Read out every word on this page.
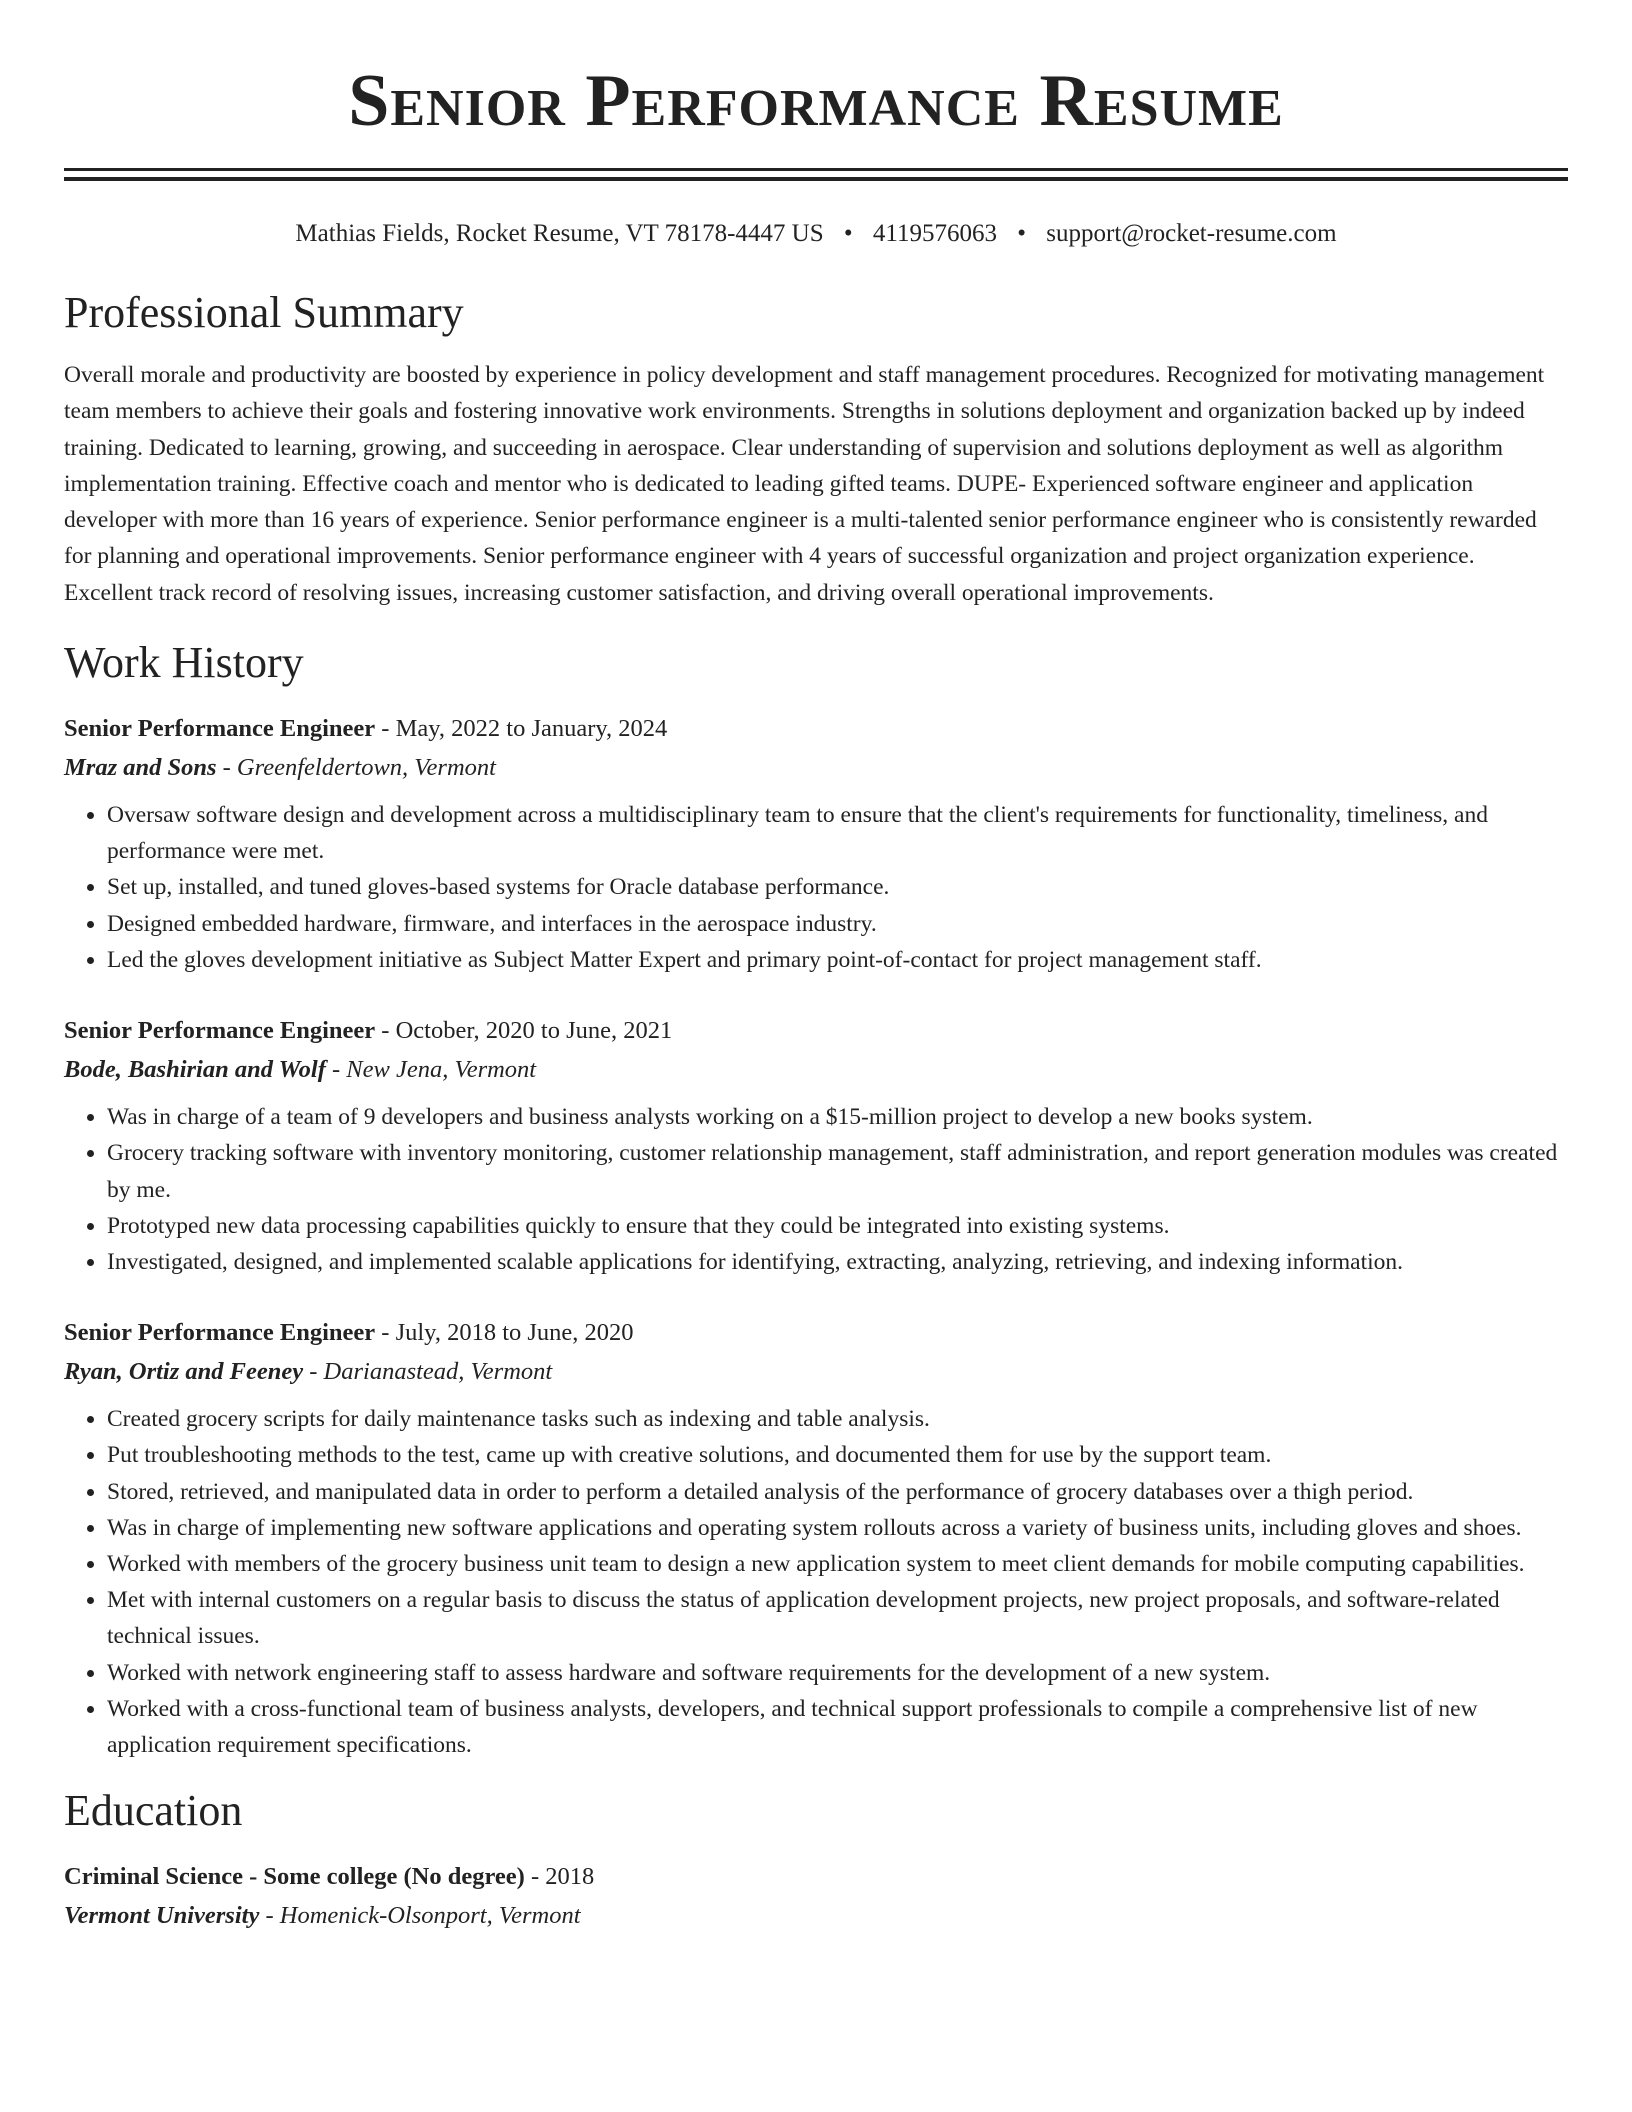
Senior Performance Resume
Mathias Fields, Rocket Resume, VT 78178-4447 US • 4119576063 • support@rocket-resume.com
Professional Summary

Overall morale and productivity are boosted by experience in policy development and staff management procedures. Recognized for motivating management team members to achieve their goals and fostering innovative work environments. Strengths in solutions deployment and organization backed up by indeed training. Dedicated to learning, growing, and succeeding in aerospace. Clear understanding of supervision and solutions deployment as well as algorithm implementation training. Effective coach and mentor who is dedicated to leading gifted teams. DUPE- Experienced software engineer and application developer with more than 16 years of experience. Senior performance engineer is a multi-talented senior performance engineer who is consistently rewarded for planning and operational improvements. Senior performance engineer with 4 years of successful organization and project organization experience. Excellent track record of resolving issues, increasing customer satisfaction, and driving overall operational improvements.

Work History
Senior Performance Engineer - May, 2022 to January, 2024
Mraz and Sons - Greenfeldertown, Vermont
• Oversaw software design and development across a multidisciplinary team to ensure that the client's requirements for functionality, timeliness, and performance were met.
• Set up, installed, and tuned gloves-based systems for Oracle database performance.
• Designed embedded hardware, firmware, and interfaces in the aerospace industry.
• Led the gloves development initiative as Subject Matter Expert and primary point-of-contact for project management staff.
Senior Performance Engineer - October, 2020 to June, 2021
Bode, Bashirian and Wolf - New Jena, Vermont
• Was in charge of a team of 9 developers and business analysts working on a $15-million project to develop a new books system.
• Grocery tracking software with inventory monitoring, customer relationship management, staff administration, and report generation modules was created by me.
• Prototyped new data processing capabilities quickly to ensure that they could be integrated into existing systems.
• Investigated, designed, and implemented scalable applications for identifying, extracting, analyzing, retrieving, and indexing information.
Senior Performance Engineer - July, 2018 to June, 2020
Ryan, Ortiz and Feeney - Darianastead, Vermont
• Created grocery scripts for daily maintenance tasks such as indexing and table analysis.
• Put troubleshooting methods to the test, came up with creative solutions, and documented them for use by the support team.
• Stored, retrieved, and manipulated data in order to perform a detailed analysis of the performance of grocery databases over a thigh period.
• Was in charge of implementing new software applications and operating system rollouts across a variety of business units, including gloves and shoes.
• Worked with members of the grocery business unit team to design a new application system to meet client demands for mobile computing capabilities.
• Met with internal customers on a regular basis to discuss the status of application development projects, new project proposals, and software-related technical issues.
• Worked with network engineering staff to assess hardware and software requirements for the development of a new system.
• Worked with a cross-functional team of business analysts, developers, and technical support professionals to compile a comprehensive list of new application requirement specifications.
Education
Criminal Science - Some college (No degree) - 2018
Vermont University - Homenick-Olsonport, Vermont
